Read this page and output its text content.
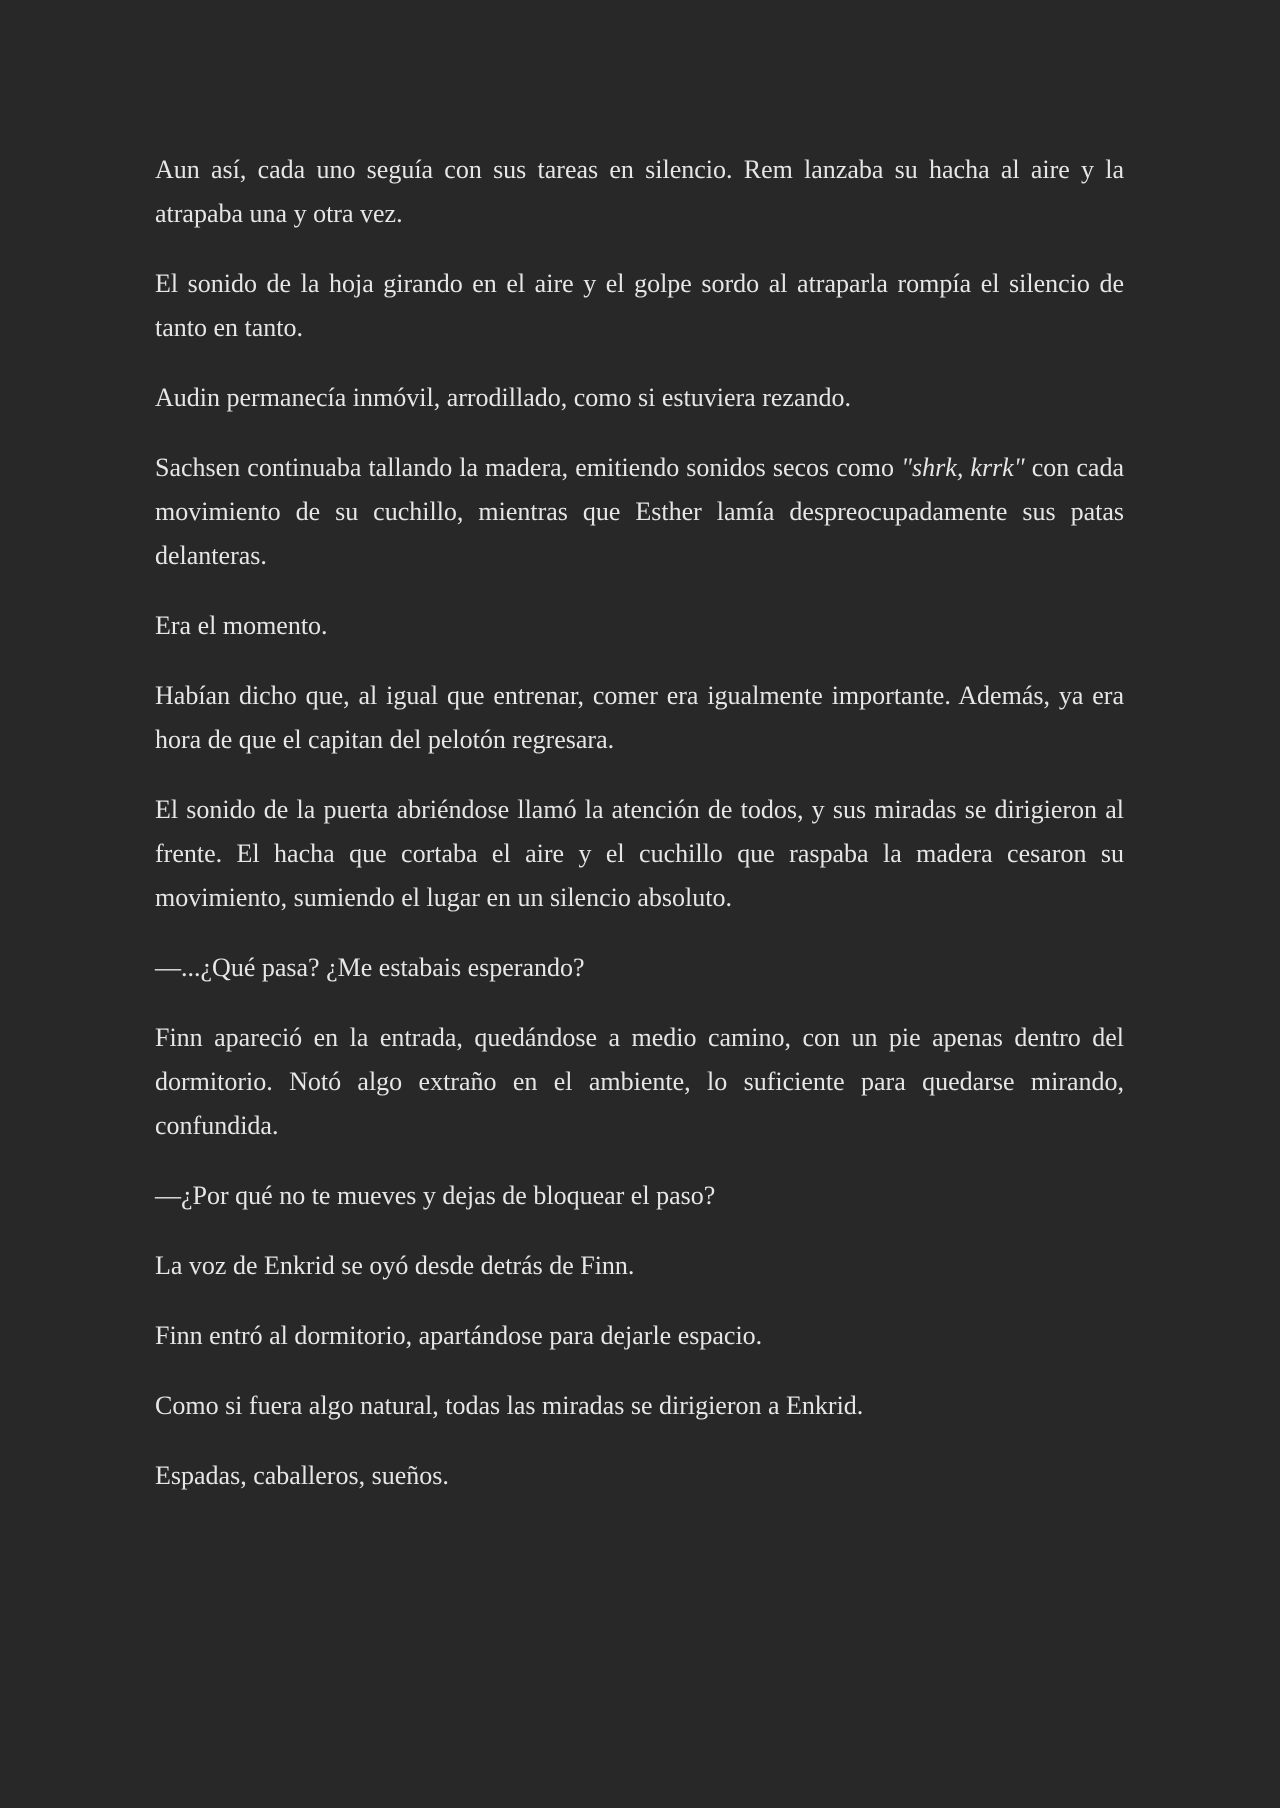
Aun así, cada uno seguía con sus tareas en silencio. Rem lanzaba su hacha al aire y la atrapaba una y otra vez.

El sonido de la hoja girando en el aire y el golpe sordo al atraparla rompía el silencio de tanto en tanto.

Audin permanecía inmóvil, arrodillado, como si estuviera rezando.

Sachsen continuaba tallando la madera, emitiendo sonidos secos como "shrk, krrk" con cada movimiento de su cuchillo, mientras que Esther lamía despreocupadamente sus patas delanteras.

Era el momento.

Habían dicho que, al igual que entrenar, comer era igualmente importante. Además, ya era hora de que el capitan del pelotón regresara.

El sonido de la puerta abriéndose llamó la atención de todos, y sus miradas se dirigieron al frente. El hacha que cortaba el aire y el cuchillo que raspaba la madera cesaron su movimiento, sumiendo el lugar en un silencio absoluto.

—...¿Qué pasa? ¿Me estabais esperando?

Finn apareció en la entrada, quedándose a medio camino, con un pie apenas dentro del dormitorio. Notó algo extraño en el ambiente, lo suficiente para quedarse mirando, confundida.

—¿Por qué no te mueves y dejas de bloquear el paso?

La voz de Enkrid se oyó desde detrás de Finn.

Finn entró al dormitorio, apartándose para dejarle espacio.

Como si fuera algo natural, todas las miradas se dirigieron a Enkrid.

Espadas, caballeros, sueños.
